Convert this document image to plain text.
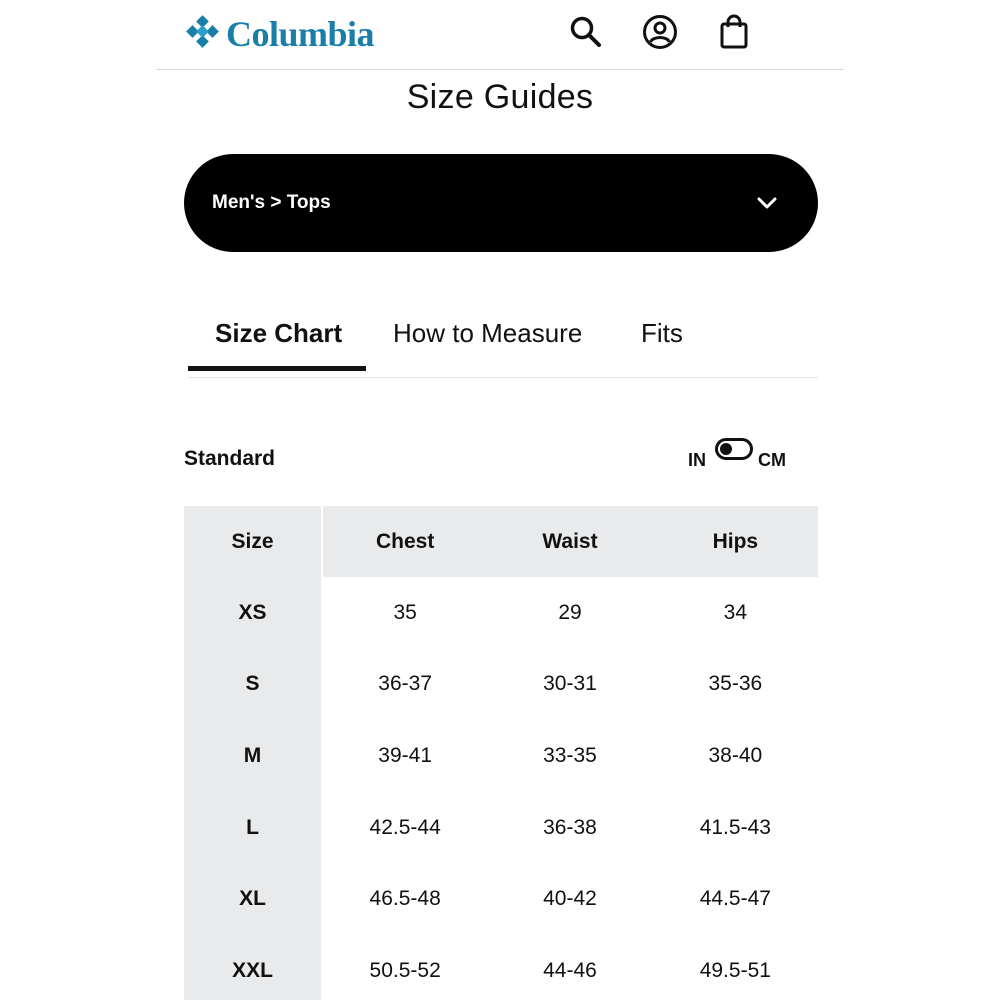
Columbia
Size Guides
Men's > Tops
Size Chart How to Measure Fits
Standard	IN	CM
Size	Chest	Waist	Hips
XS	35	29	34
S	36-37	30-31	35-36
M	39-41	33-35	38-40
L	42.5-44	36-38	41.5-43
XL	46.5-48	40-42	44.5-47
XXL	50.5-52	44-46	49.5-51
